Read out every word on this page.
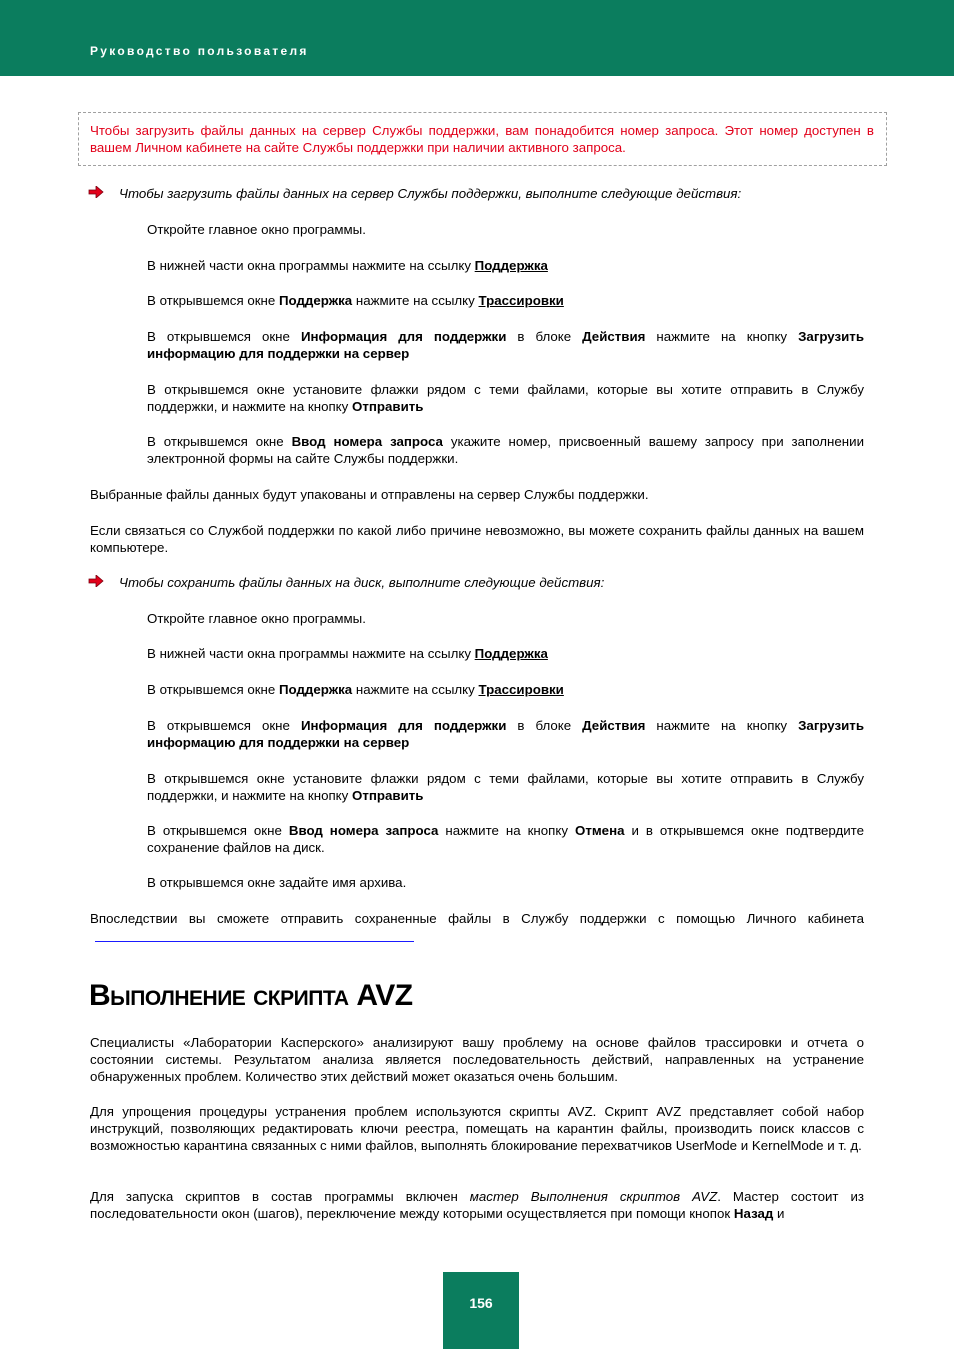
Руководство пользователя
Чтобы загрузить файлы данных на сервер Службы поддержки, вам понадобится номер запроса. Этот номер доступен в вашем Личном кабинете на сайте Службы поддержки при наличии активного запроса.
Чтобы загрузить файлы данных на сервер Службы поддержки, выполните следующие действия:
Откройте главное окно программы.
В нижней части окна программы нажмите на ссылку Поддержка
В открывшемся окне Поддержка нажмите на ссылку Трассировки
В открывшемся окне Информация для поддержки в блоке Действия нажмите на кнопку Загрузить информацию для поддержки на сервер
В открывшемся окне установите флажки рядом с теми файлами, которые вы хотите отправить в Службу поддержки, и нажмите на кнопку Отправить
В открывшемся окне Ввод номера запроса укажите номер, присвоенный вашему запросу при заполнении электронной формы на сайте Службы поддержки.
Выбранные файлы данных будут упакованы и отправлены на сервер Службы поддержки.
Если связаться со Службой поддержки по какой либо причине невозможно, вы можете сохранить файлы данных на вашем компьютере.
Чтобы сохранить файлы данных на диск, выполните следующие действия:
Откройте главное окно программы.
В нижней части окна программы нажмите на ссылку Поддержка
В открывшемся окне Поддержка нажмите на ссылку Трассировки
В открывшемся окне Информация для поддержки в блоке Действия нажмите на кнопку Загрузить информацию для поддержки на сервер
В открывшемся окне установите флажки рядом с теми файлами, которые вы хотите отправить в Службу поддержки, и нажмите на кнопку Отправить
В открывшемся окне Ввод номера запроса нажмите на кнопку Отмена и в открывшемся окне подтвердите сохранение файлов на диск.
В открывшемся окне задайте имя архива.
Впоследствии вы сможете отправить сохраненные файлы в Службу поддержки с помощью Личного кабинета
Выполнение скрипта AVZ
Специалисты «Лаборатории Касперского» анализируют вашу проблему на основе файлов трассировки и отчета о состоянии системы. Результатом анализа является последовательность действий, направленных на устранение обнаруженных проблем. Количество этих действий может оказаться очень большим.
Для упрощения процедуры устранения проблем используются скрипты AVZ. Скрипт AVZ представляет собой набор инструкций, позволяющих редактировать ключи реестра, помещать на карантин файлы, производить поиск классов с возможностью карантина связанных с ними файлов, выполнять блокирование перехватчиков UserMode и KernelMode и т. д.
Для запуска скриптов в состав программы включен мастер Выполнения скриптов AVZ. Мастер состоит из последовательности окон (шагов), переключение между которыми осуществляется при помощи кнопок Назад и
156
